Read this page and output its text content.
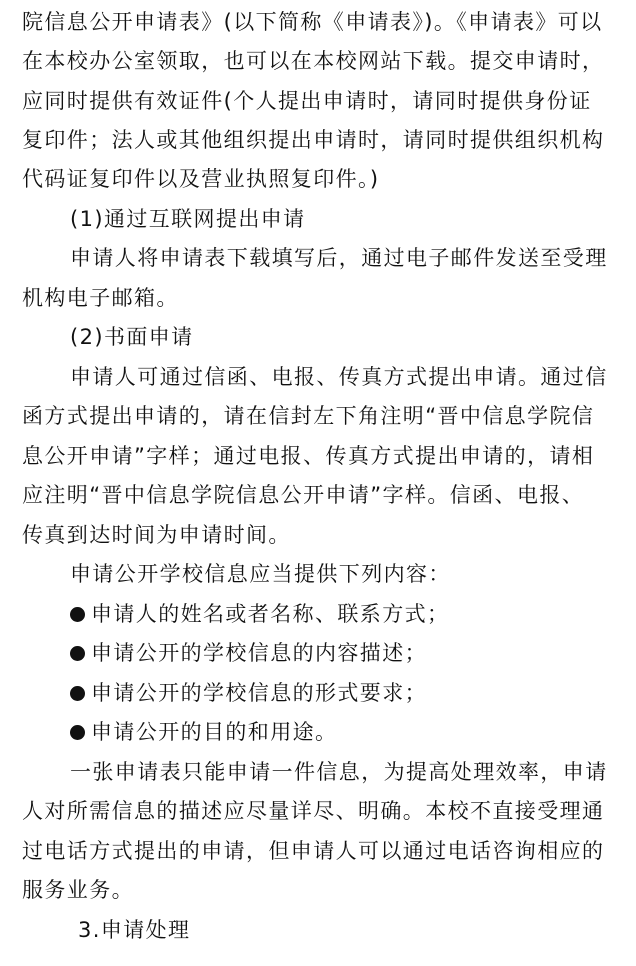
院信息公开申请表》(以下简称《申请表》)。《申请表》可以
在本校办公室领取，也可以在本校网站下载。提交申请时，
应同时提供有效证件(个人提出申请时，请同时提供身份证
复印件；法人或其他组织提出申请时，请同时提供组织机构
代码证复印件以及营业执照复印件。)
(1)通过互联网提出申请
申请人将申请表下载填写后，通过电子邮件发送至受理
机构电子邮箱。
(2)书面申请
申请人可通过信函、电报、传真方式提出申请。通过信
函方式提出申请的，请在信封左下角注明“晋中信息学院信
息公开申请”字样；通过电报、传真方式提出申请的，请相
应注明“晋中信息学院信息公开申请”字样。信函、电报、
传真到达时间为申请时间。
申请公开学校信息应当提供下列内容：
申请人的姓名或者名称、联系方式；
申请公开的学校信息的内容描述；
申请公开的学校信息的形式要求；
申请公开的目的和用途。
一张申请表只能申请一件信息，为提高处理效率，申请
人对所需信息的描述应尽量详尽、明确。本校不直接受理通
过电话方式提出的申请，但申请人可以通过电话咨询相应的
服务业务。
3.申请处理
